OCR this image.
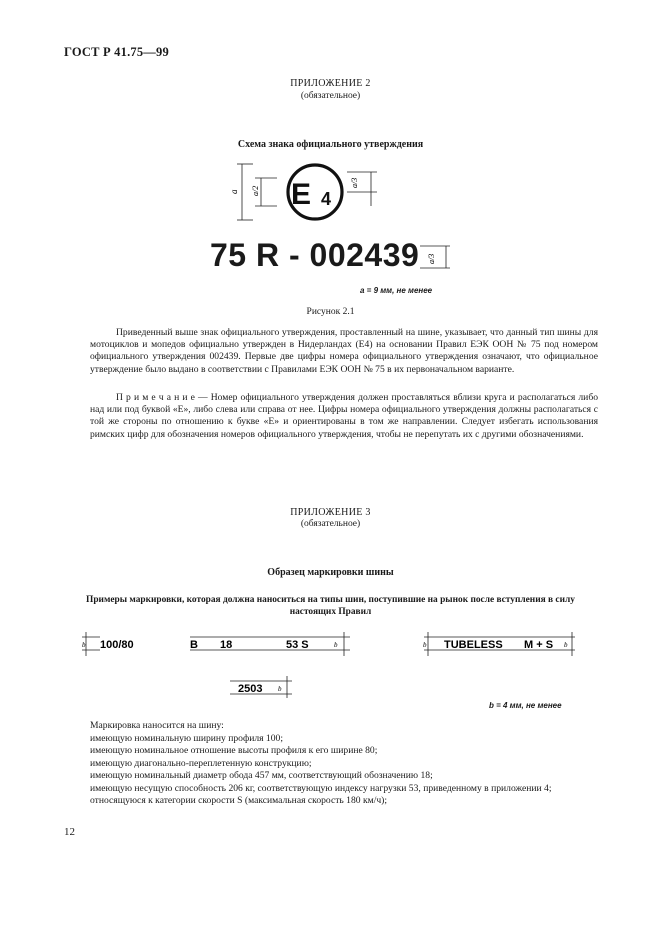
ГОСТ Р 41.75—99
ПРИЛОЖЕНИЕ 2
(обязательное)
Схема знака официального утверждения
a a/2 E 4
a/3
75 R - 002439 a/3
a = 9 мм, не менее
Рисунок 2.1
Приведенный выше знак официального утверждения, проставленный на шине, указывает, что данный тип шины для мотоциклов и мопедов официально утвержден в Нидерландах (Е4) на основании Правил ЕЭК ООН № 75 под номером официального утверждения 002439. Первые две цифры номера официального утверждения означают, что официальное утверждение было выдано в соответствии с Правилами ЕЭК ООН № 75 в их первоначальном варианте.
П р и м е ч а н и е — Номер официального утверждения должен проставляться вблизи круга и располагаться либо над или под буквой «Е», либо слева или справа от нее. Цифры номера официального утверждения должны располагаться с той же стороны по отношению к букве «Е» и ориентированы в том же направлении. Следует избегать использования римских цифр для обозначения номеров официального утверждения, чтобы не перепутать их с другими обозначениями.
ПРИЛОЖЕНИЕ 3
(обязательное)
Образец маркировки шины
Примеры маркировки, которая должна наноситься на типы шин, поступившие на рынок после вступления в силу настоящих Правил
b 100/80	B 18	53 S	b	b TUBELESS M + S b
2503 b
b = 4 мм, не менее
Маркировка наносится на шину:
имеющую номинальную ширину профиля 100;
имеющую номинальное отношение высоты профиля к его ширине 80;
имеющую диагонально-переплетенную конструкцию;
имеющую номинальный диаметр обода 457 мм, соответствующий обозначению 18;
имеющую несущую способность 206 кг, соответствующую индексу нагрузки 53, приведенному в приложении 4;
относящуюся к категории скорости S (максимальная скорость 180 км/ч);
12
